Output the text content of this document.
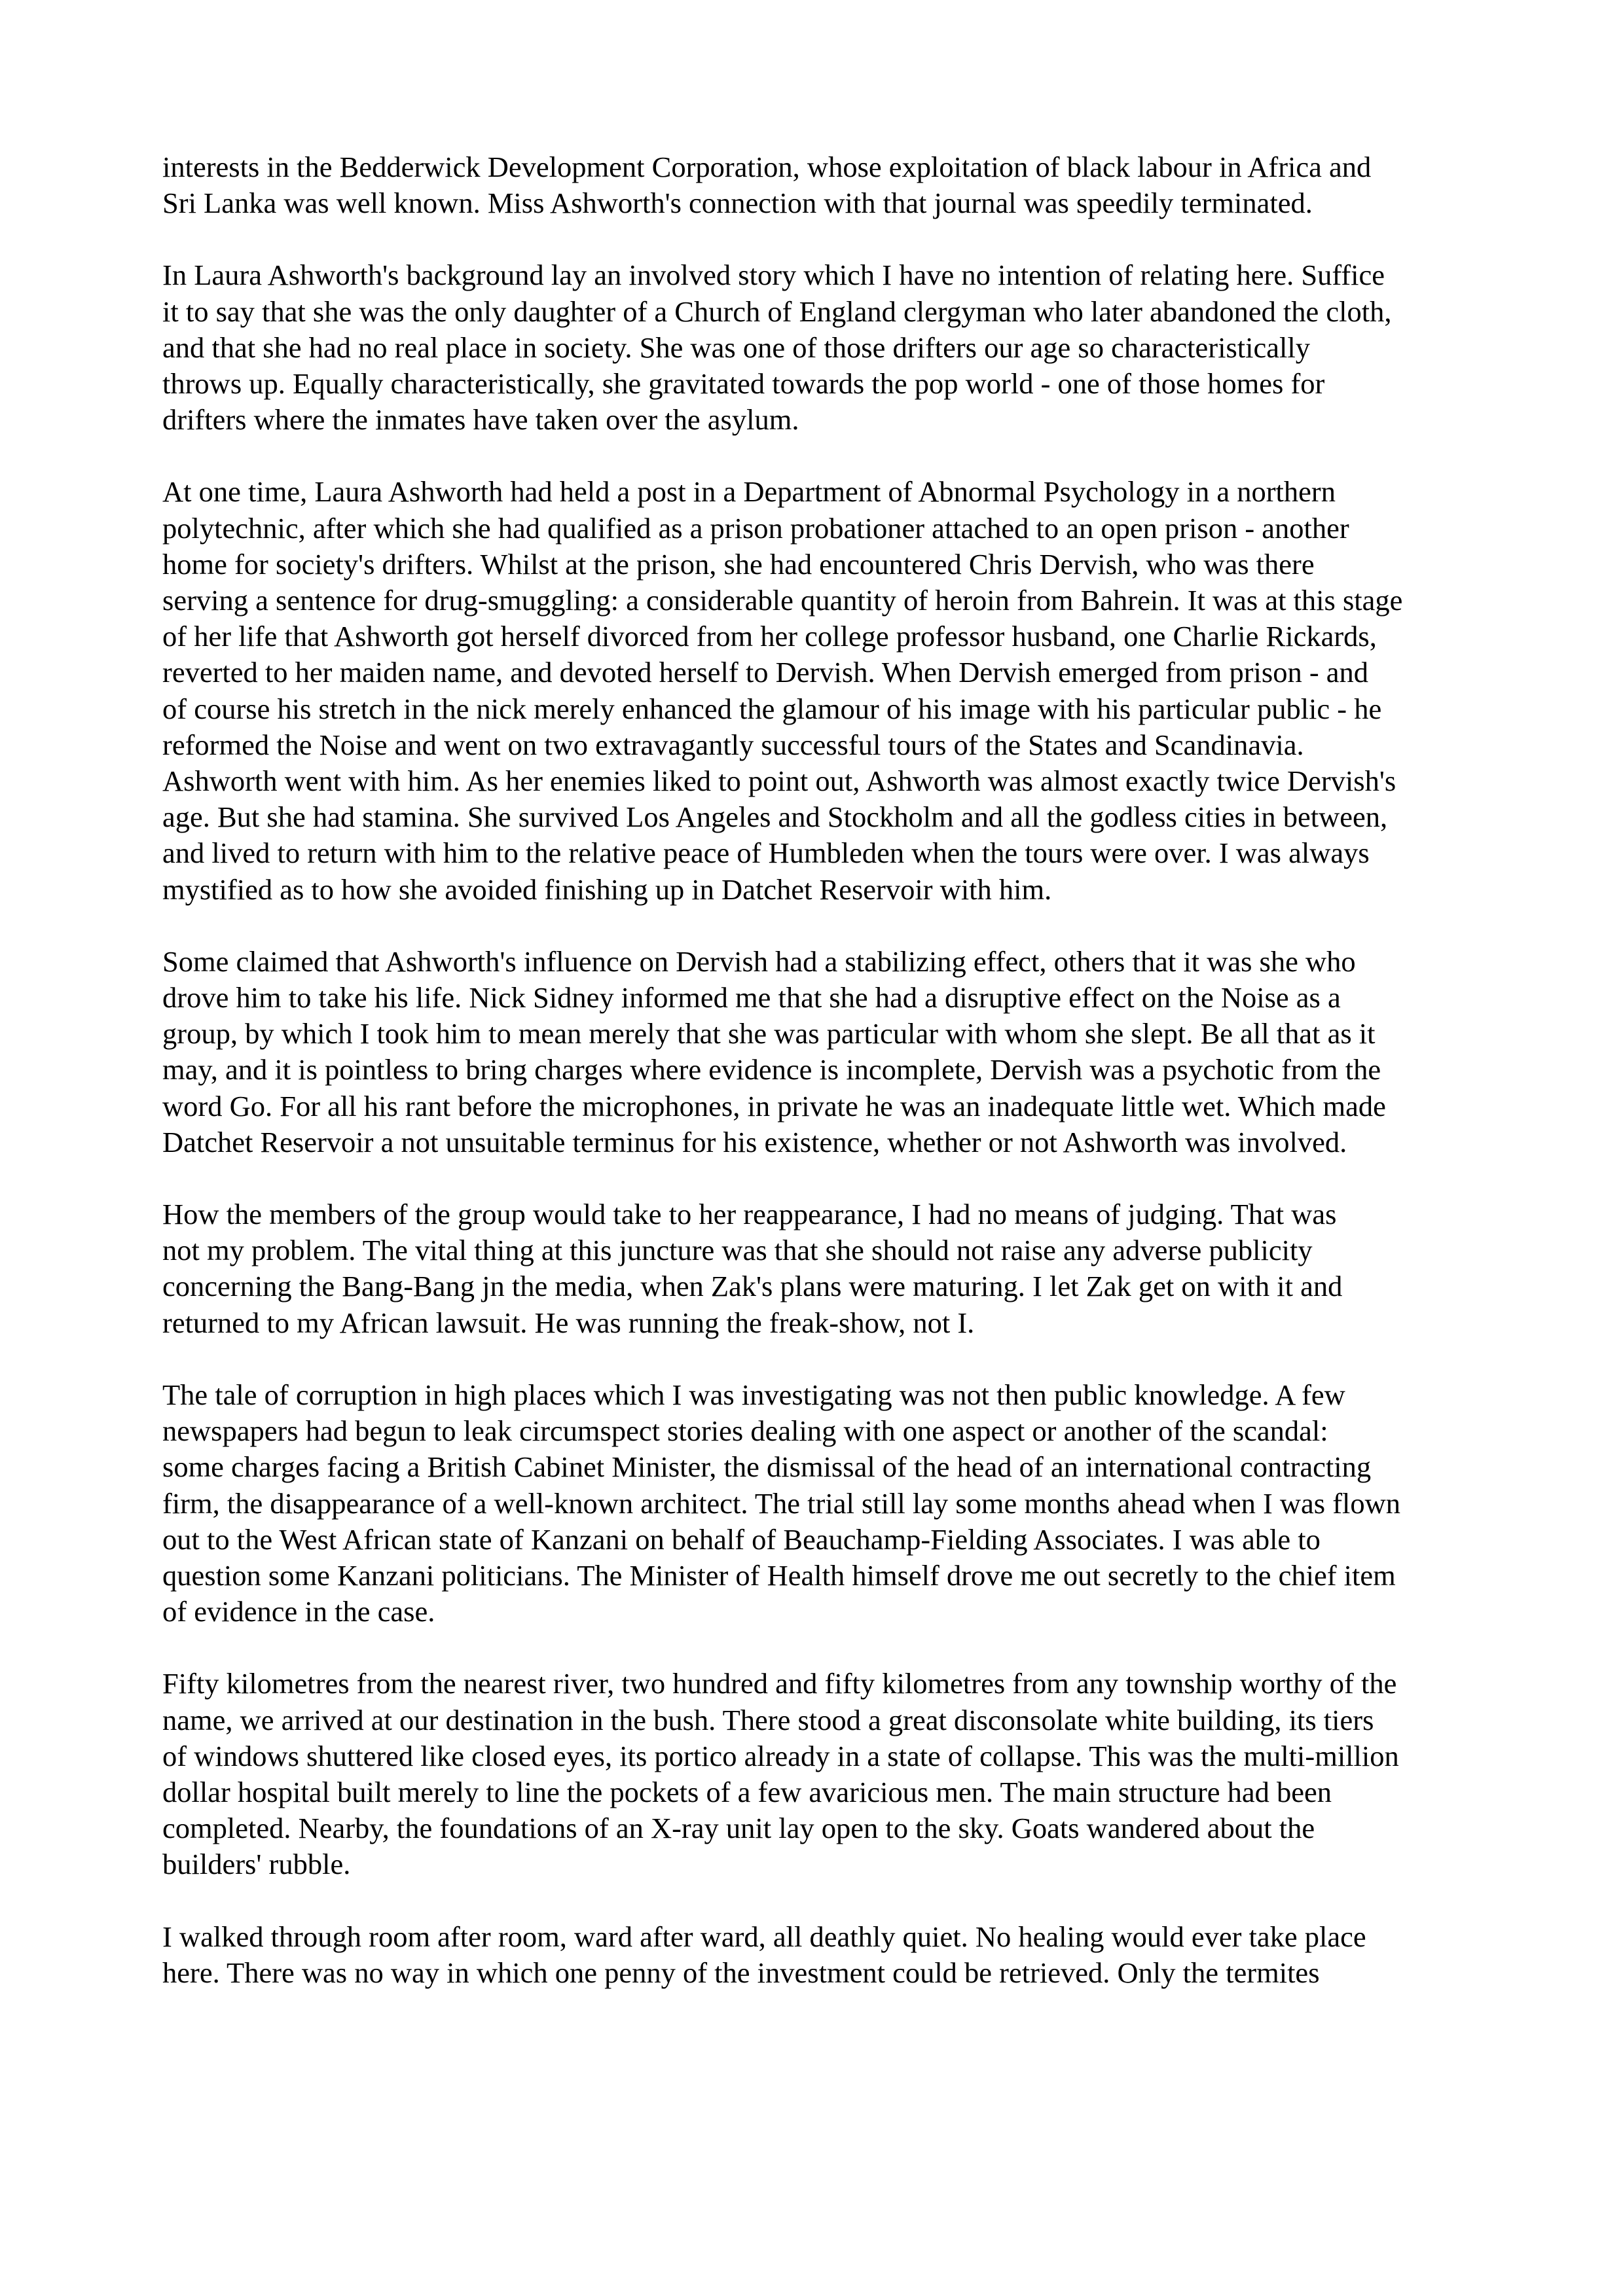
interests in the Bedderwick Development Corporation, whose exploitation of black labour in Africa and
Sri Lanka was well known. Miss Ashworth's connection with that journal was speedily terminated.

In Laura Ashworth's background lay an involved story which I have no intention of relating here. Suffice
it to say that she was the only daughter of a Church of England clergyman who later abandoned the cloth,
and that she had no real place in society. She was one of those drifters our age so characteristically
throws up. Equally characteristically, she gravitated towards the pop world - one of those homes for
drifters where the inmates have taken over the asylum.

At one time, Laura Ashworth had held a post in a Department of Abnormal Psychology in a northern
polytechnic, after which she had qualified as a prison probationer attached to an open prison - another
home for society's drifters. Whilst at the prison, she had encountered Chris Dervish, who was there
serving a sentence for drug-smuggling: a considerable quantity of heroin from Bahrein. It was at this stage
of her life that Ashworth got herself divorced from her college professor husband, one Charlie Rickards,
reverted to her maiden name, and devoted herself to Dervish. When Dervish emerged from prison - and
of course his stretch in the nick merely enhanced the glamour of his image with his particular public - he
reformed the Noise and went on two extravagantly successful tours of the States and Scandinavia.
Ashworth went with him. As her enemies liked to point out, Ashworth was almost exactly twice Dervish's
age. But she had stamina. She survived Los Angeles and Stockholm and all the godless cities in between,
and lived to return with him to the relative peace of Humbleden when the tours were over. I was always
mystified as to how she avoided finishing up in Datchet Reservoir with him.

Some claimed that Ashworth's influence on Dervish had a stabilizing effect, others that it was she who
drove him to take his life. Nick Sidney informed me that she had a disruptive effect on the Noise as a
group, by which I took him to mean merely that she was particular with whom she slept. Be all that as it
may, and it is pointless to bring charges where evidence is incomplete, Dervish was a psychotic from the
word Go. For all his rant before the microphones, in private he was an inadequate little wet. Which made
Datchet Reservoir a not unsuitable terminus for his existence, whether or not Ashworth was involved.

How the members of the group would take to her reappearance, I had no means of judging. That was
not my problem. The vital thing at this juncture was that she should not raise any adverse publicity
concerning the Bang-Bang jn the media, when Zak's plans were maturing. I let Zak get on with it and
returned to my African lawsuit. He was running the freak-show, not I.

The tale of corruption in high places which I was investigating was not then public knowledge. A few
newspapers had begun to leak circumspect stories dealing with one aspect or another of the scandal:
some charges facing a British Cabinet Minister, the dismissal of the head of an international contracting
firm, the disappearance of a well-known architect. The trial still lay some months ahead when I was flown
out to the West African state of Kanzani on behalf of Beauchamp-Fielding Associates. I was able to
question some Kanzani politicians. The Minister of Health himself drove me out secretly to the chief item
of evidence in the case.

Fifty kilometres from the nearest river, two hundred and fifty kilometres from any township worthy of the
name, we arrived at our destination in the bush. There stood a great disconsolate white building, its tiers
of windows shuttered like closed eyes, its portico already in a state of collapse. This was the multi-million
dollar hospital built merely to line the pockets of a few avaricious men. The main structure had been
completed. Nearby, the foundations of an X-ray unit lay open to the sky. Goats wandered about the
builders' rubble.

I walked through room after room, ward after ward, all deathly quiet. No healing would ever take place
here. There was no way in which one penny of the investment could be retrieved. Only the termites
